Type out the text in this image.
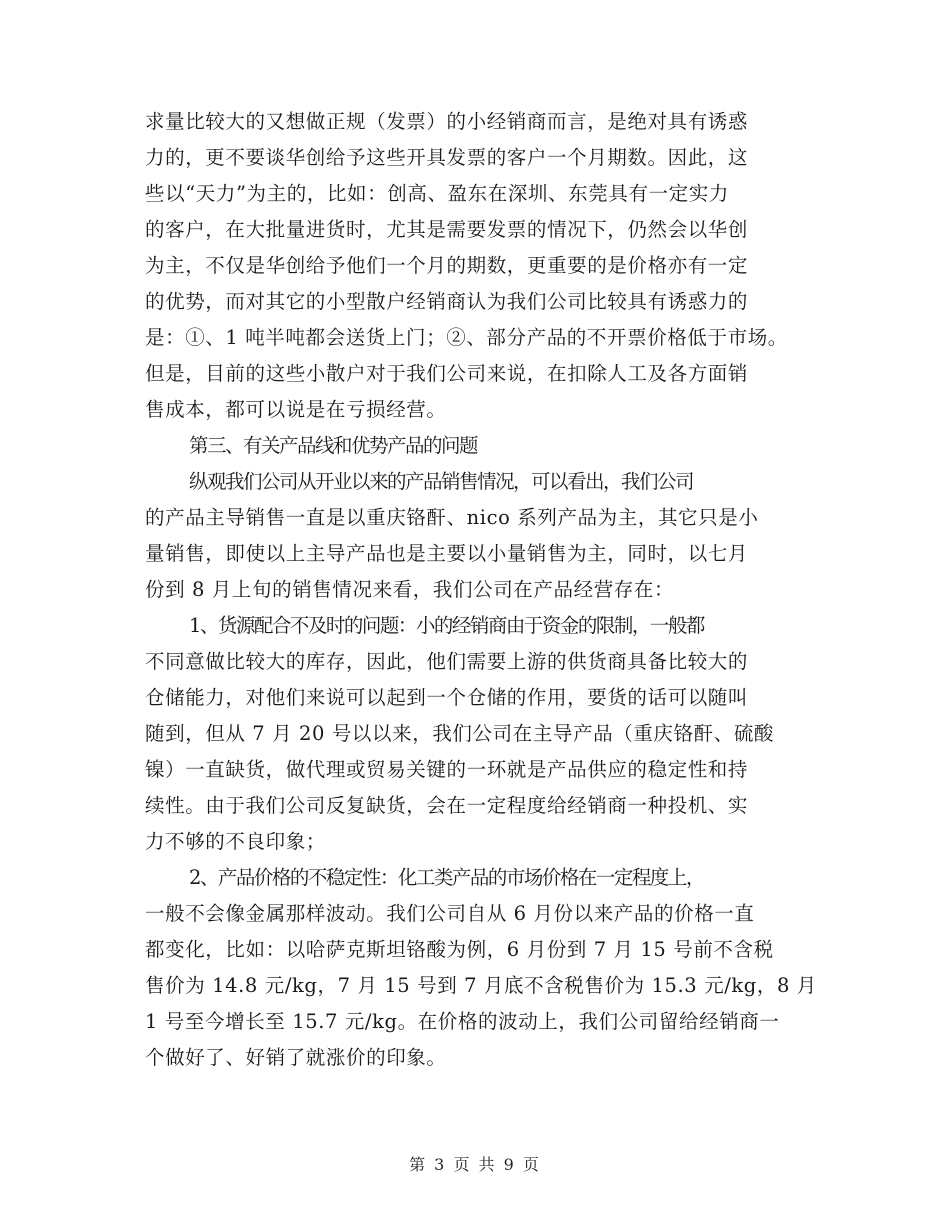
求量比较大的又想做正规（发票）的小经销商而言，是绝对具有诱惑
力的，更不要谈华创给予这些开具发票的客户一个月期数。因此，这
些以“天力”为主的，比如：创高、盈东在深圳、东莞具有一定实力
的客户，在大批量进货时，尤其是需要发票的情况下，仍然会以华创
为主，不仅是华创给予他们一个月的期数，更重要的是价格亦有一定
的优势，而对其它的小型散户经销商认为我们公司比较具有诱惑力的
是：①、1 吨半吨都会送货上门；②、部分产品的不开票价格低于市场。
但是，目前的这些小散户对于我们公司来说，在扣除人工及各方面销
售成本，都可以说是在亏损经营。
第三、有关产品线和优势产品的问题
纵观我们公司从开业以来的产品销售情况，可以看出，我们公司
的产品主导销售一直是以重庆铬酐、nico 系列产品为主，其它只是小
量销售，即使以上主导产品也是主要以小量销售为主，同时，以七月
份到 8 月上旬的销售情况来看，我们公司在产品经营存在：
1、货源配合不及时的问题：小的经销商由于资金的限制，一般都
不同意做比较大的库存，因此，他们需要上游的供货商具备比较大的
仓储能力，对他们来说可以起到一个仓储的作用，要货的话可以随叫
随到，但从 7 月 20 号以以来，我们公司在主导产品（重庆铬酐、硫酸
镍）一直缺货，做代理或贸易关键的一环就是产品供应的稳定性和持
续性。由于我们公司反复缺货，会在一定程度给经销商一种投机、实
力不够的不良印象；
2、产品价格的不稳定性：化工类产品的市场价格在一定程度上，
一般不会像金属那样波动。我们公司自从 6 月份以来产品的价格一直
都变化，比如：以哈萨克斯坦铬酸为例，6 月份到 7 月 15 号前不含税
售价为 14.8 元/kg，7 月 15 号到 7 月底不含税售价为 15.3 元/kg，8 月
1 号至今增长至 15.7 元/kg。在价格的波动上，我们公司留给经销商一
个做好了、好销了就涨价的印象。
第 3 页 共 9 页
